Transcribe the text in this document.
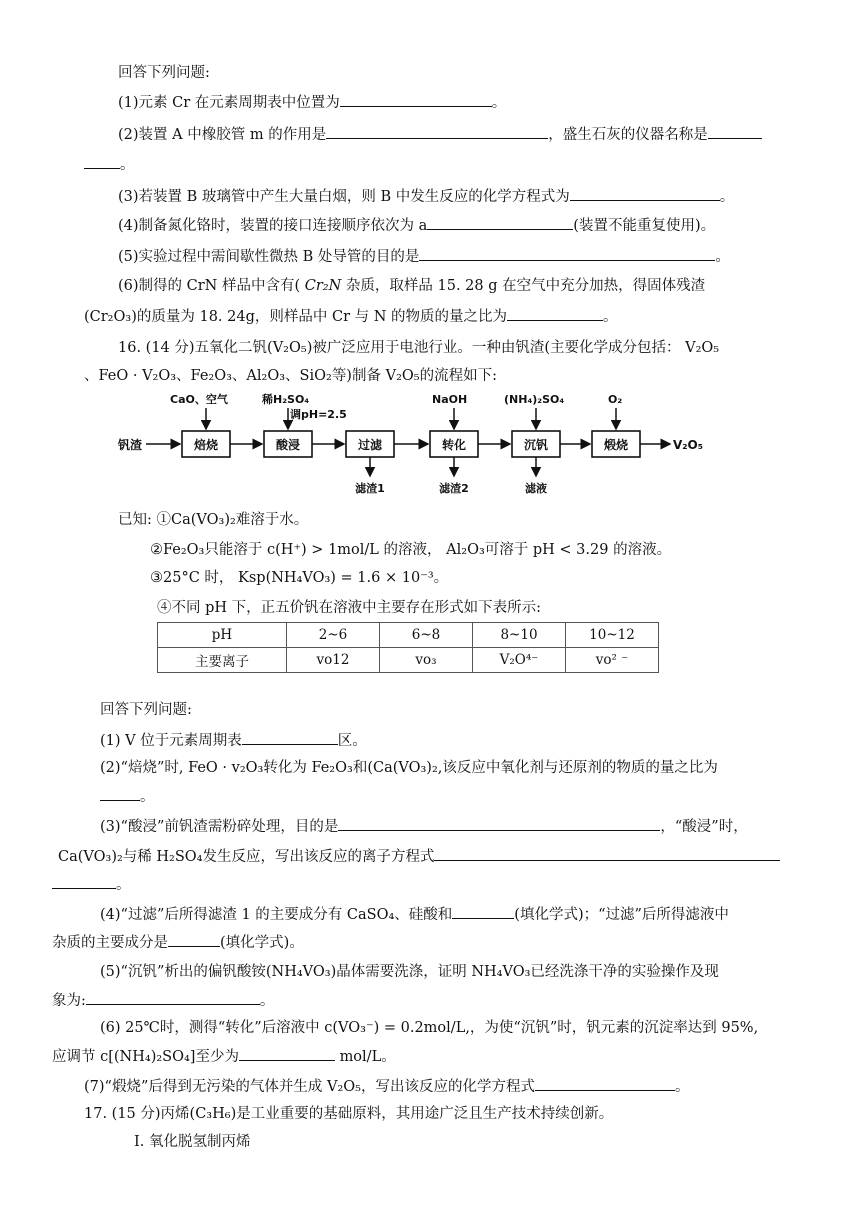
回答下列问题:
(1)元素 Cr 在元素周期表中位置为	。
(2)装置 A 中橡胶管 m 的作用是	，盛生石灰的仪器名称是
。
(3)若装置 B 玻璃管中产生大量白烟，则 B 中发生反应的化学方程式为	。
(4)制备氮化铬时，装置的接口连接顺序依次为 a	(装置不能重复使用)。
(5)实验过程中需间歇性微热 B 处导管的目的是	。
(6)制得的 CrN 样品中含有( Cr₂N 杂质，取样品 15. 28 g 在空气中充分加热，得固体残渣
(Cr₂O₃)的质量为 18. 24g，则样品中 Cr 与 N 的物质的量之比为	。
16. (14 分)五氧化二钒(V₂O₅)被广泛应用于电池行业。一种由钒渣(主要化学成分包括： V₂O₅
、FeO · V₂O₃、Fe₂O₃、Al₂O₃、SiO₂等)制备 V₂O₅的流程如下:
钒渣	焙烧	酸浸	过滤	转化	沉钒	煅烧	V₂O₅
CaO、空气	稀H₂SO₄
调pH=2.5
NaOH	(NH₄)₂SO₄	O₂
滤渣1	滤渣2	滤液
已知: ①Ca(VO₃)₂难溶于水。
②Fe₂O₃只能溶于 c(H⁺) > 1mol/L 的溶液， Al₂O₃可溶于 pH < 3.29 的溶液。
③25°C 时， Ksp(NH₄VO₃) = 1.6 × 10⁻³。
④不同 pH 下，正五价钒在溶液中主要存在形式如下表所示:
pH	2~6	6~8	8~10	10~12
主要离子	vo12	vo₃	V₂O⁴⁻	vo² ⁻
回答下列问题:
(1) V 位于元素周期表	区。
(2)“焙烧”时, FeO · v₂O₃转化为 Fe₂O₃和(Ca(VO₃)₂,该反应中氧化剂与还原剂的物质的量之比为
。
(3)“酸浸”前钒渣需粉碎处理，目的是	，“酸浸”时，
Ca(VO₃)₂与稀 H₂SO₄发生反应，写出该反应的离子方程式
。
(4)“过滤”后所得滤渣 1 的主要成分有 CaSO₄、硅酸和	(填化学式)；“过滤”后所得滤液中
杂质的主要成分是	(填化学式)。
(5)“沉钒”析出的偏钒酸铵(NH₄VO₃)晶体需要洗涤，证明 NH₄VO₃已经洗涤干净的实验操作及现
象为:	。
(6) 25℃时，测得“转化”后溶液中 c(VO₃⁻) = 0.2mol/L,，为使“沉钒”时，钒元素的沉淀率达到 95%,
应调节 c[(NH₄)₂SO₄]至少为	mol/L。
(7)“煅烧”后得到无污染的气体并生成 V₂O₅，写出该反应的化学方程式	。
17. (15 分)丙烯(C₃H₆)是工业重要的基础原料，其用途广泛且生产技术持续创新。
Ⅰ. 氧化脱氢制丙烯
